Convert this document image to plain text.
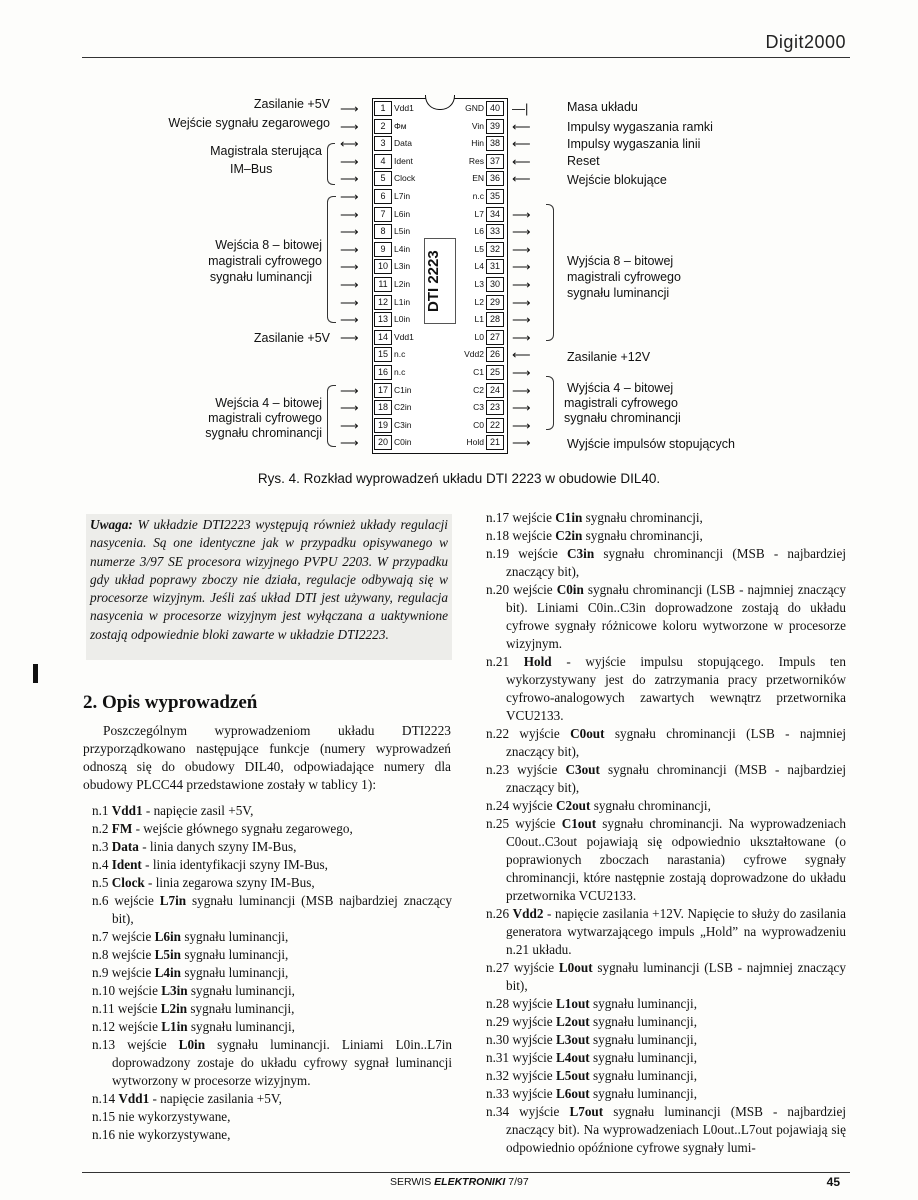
Digit2000
DTI 2223
1 Vdd1
⟶
2 Φм
⟶
3 Data
⟷
4 Ident
⟶
5 Clock
⟶
6 L7in
⟶
7 L6in
⟶
8 L5in
⟶
9 L4in
⟶
10 L3in
⟶
11 L2in
⟶
12 L1in
⟶
13 L0in
⟶
14 Vdd1
⟶
15 n.c
16 n.c
17 C1in
⟶
18 C2in
⟶
19 C3in
⟶
20 C0in
⟶
GND 40 —|
Vin 39 ⟵
Hin 38 ⟵
Res 37 ⟵
EN 36 ⟵
n.c 35
L7 34 ⟶
L6 33 ⟶
L5 32 ⟶
L4 31 ⟶
L3 30 ⟶
L2 29 ⟶
L1 28 ⟶
L0 27 ⟶
Vdd2 26 ⟵
C1 25 ⟶
C2 24 ⟶
C3 23 ⟶
C0 22 ⟶
Hold 21 ⟶
Zasilanie +5V
Wejście sygnału zegarowego
Magistrala sterująca
IM–Bus
Wejścia 8 – bitowej
magistrali cyfrowego
sygnału luminancji
Zasilanie +5V
Wejścia 4 – bitowej
magistrali cyfrowego
sygnału chrominancji
Masa układu
Impulsy wygaszania ramki
Impulsy wygaszania linii
Reset
Wejście blokujące
Wyjścia 8 – bitowej
magistrali cyfrowego
sygnału luminancji
Zasilanie +12V
Wyjścia 4 – bitowej
magistrali cyfrowego
sygnału chrominancji
Wyjście impulsów stopujących
Rys. 4. Rozkład wyprowadzeń układu DTI 2223 w obudowie DIL40.
Uwaga: W układzie DTI2223 występują również układy regulacji nasycenia. Są one identyczne jak w przypadku opisywanego w numerze 3/97 SE procesora wizyjnego PVPU 2203. W przypadku gdy układ poprawy zboczy nie działa, regulacje odbywają się w procesorze wizyjnym. Jeśli zaś układ DTI jest używany, regulacja nasycenia w procesorze wizyjnym jest wyłączana a uaktywnione zostają odpowiednie bloki zawarte w układzie DTI2223.
2. Opis wyprowadzeń
Poszczególnym wyprowadzeniom układu DTI2223 przyporządkowano następujące funkcje (numery wyprowadzeń odnoszą się do obudowy DIL40, odpowiadające numery dla obudowy PLCC44 przedstawione zostały w tablicy 1):
n.1 Vdd1 - napięcie zasil +5V,
n.2 FM - wejście głównego sygnału zegarowego,
n.3 Data - linia danych szyny IM-Bus,
n.4 Ident - linia identyfikacji szyny IM-Bus,
n.5 Clock - linia zegarowa szyny IM-Bus,
n.6 wejście L7in sygnału luminancji (MSB najbardziej znaczący bit),
n.7 wejście L6in sygnału luminancji,
n.8 wejście L5in sygnału luminancji,
n.9 wejście L4in sygnału luminancji,
n.10 wejście L3in sygnału luminancji,
n.11 wejście L2in sygnału luminancji,
n.12 wejście L1in sygnału luminancji,
n.13 wejście L0in sygnału luminancji. Liniami L0in..L7in doprowadzony zostaje do układu cyfrowy sygnał luminancji wytworzony w procesorze wizyjnym.
n.14 Vdd1 - napięcie zasilania +5V,
n.15 nie wykorzystywane,
n.16 nie wykorzystywane,
n.17 wejście C1in sygnału chrominancji,
n.18 wejście C2in sygnału chrominancji,
n.19 wejście C3in sygnału chrominancji (MSB - najbardziej znaczący bit),
n.20 wejście C0in sygnału chrominancji (LSB - najmniej znaczący bit). Liniami C0in..C3in doprowadzone zostają do układu cyfrowe sygnały różnicowe koloru wytworzone w procesorze wizyjnym.
n.21 Hold - wyjście impulsu stopującego. Impuls ten wykorzystywany jest do zatrzymania pracy przetworników cyfrowo-analogowych zawartych wewnątrz przetwornika VCU2133.
n.22 wyjście C0out sygnału chrominancji (LSB - najmniej znaczący bit),
n.23 wyjście C3out sygnału chrominancji (MSB - najbardziej znaczący bit),
n.24 wyjście C2out sygnału chrominancji,
n.25 wyjście C1out sygnału chrominancji. Na wyprowadzeniach C0out..C3out pojawiają się odpowiednio ukształtowane (o poprawionych zboczach narastania) cyfrowe sygnały chrominancji, które następnie zostają doprowadzone do układu przetwornika VCU2133.
n.26 Vdd2 - napięcie zasilania +12V. Napięcie to służy do zasilania generatora wytwarzającego impuls „Hold” na wyprowadzeniu n.21 układu.
n.27 wyjście L0out sygnału luminancji (LSB - najmniej znaczący bit),
n.28 wyjście L1out sygnału luminancji,
n.29 wyjście L2out sygnału luminancji,
n.30 wyjście L3out sygnału luminancji,
n.31 wyjście L4out sygnału luminancji,
n.32 wyjście L5out sygnału luminancji,
n.33 wyjście L6out sygnału luminancji,
n.34 wyjście L7out sygnału luminancji (MSB - najbardziej znaczący bit). Na wyprowadzeniach L0out..L7out pojawiają się odpowiednio opóźnione cyfrowe sygnały lumi-
SERWIS ELEKTRONIKI 7/97	45
